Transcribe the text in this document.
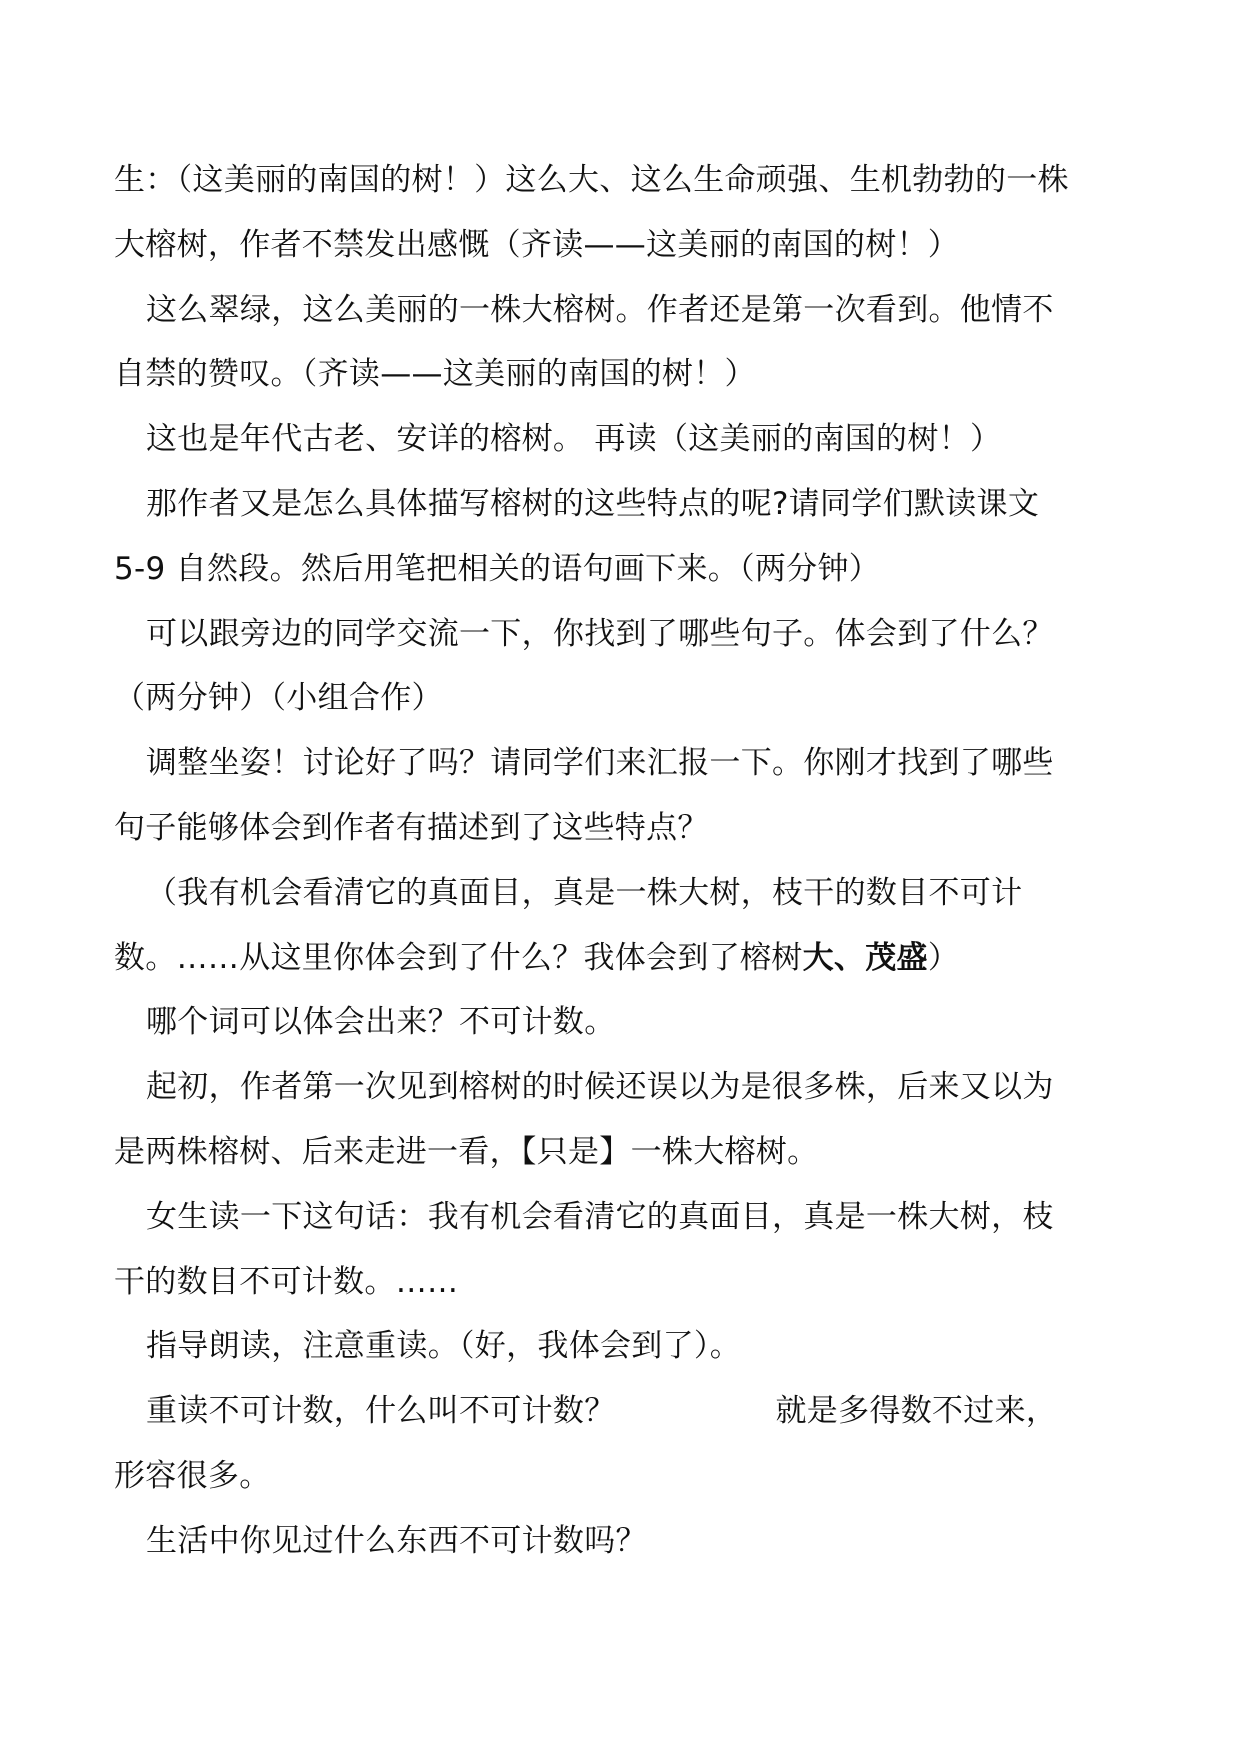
生：（这美丽的南国的树！）这么大、这么生命顽强、生机勃勃的一株

大榕树，作者不禁发出感慨（齐读——这美丽的南国的树！）

这么翠绿，这么美丽的一株大榕树。作者还是第一次看到。他情不

自禁的赞叹。（齐读——这美丽的南国的树！）

这也是年代古老、安详的榕树。 再读（这美丽的南国的树！）

那作者又是怎么具体描写榕树的这些特点的呢?请同学们默读课文

5-9 自然段。然后用笔把相关的语句画下来。（两分钟）

可以跟旁边的同学交流一下，你找到了哪些句子。体会到了什么？

（两分钟）（小组合作）

调整坐姿！讨论好了吗？请同学们来汇报一下。你刚才找到了哪些

句子能够体会到作者有描述到了这些特点？

（我有机会看清它的真面目，真是一株大树，枝干的数目不可计

数。……从这里你体会到了什么？我体会到了榕树大、茂盛）

哪个词可以体会出来？不可计数。

起初，作者第一次见到榕树的时候还误以为是很多株，后来又以为

是两株榕树、后来走进一看，【只是】一株大榕树。

女生读一下这句话：我有机会看清它的真面目，真是一株大树，枝

干的数目不可计数。……

指导朗读，注意重读。（好，我体会到了）。

重读不可计数，什么叫不可计数？	就是多得数不过来，

形容很多。

生活中你见过什么东西不可计数吗？
